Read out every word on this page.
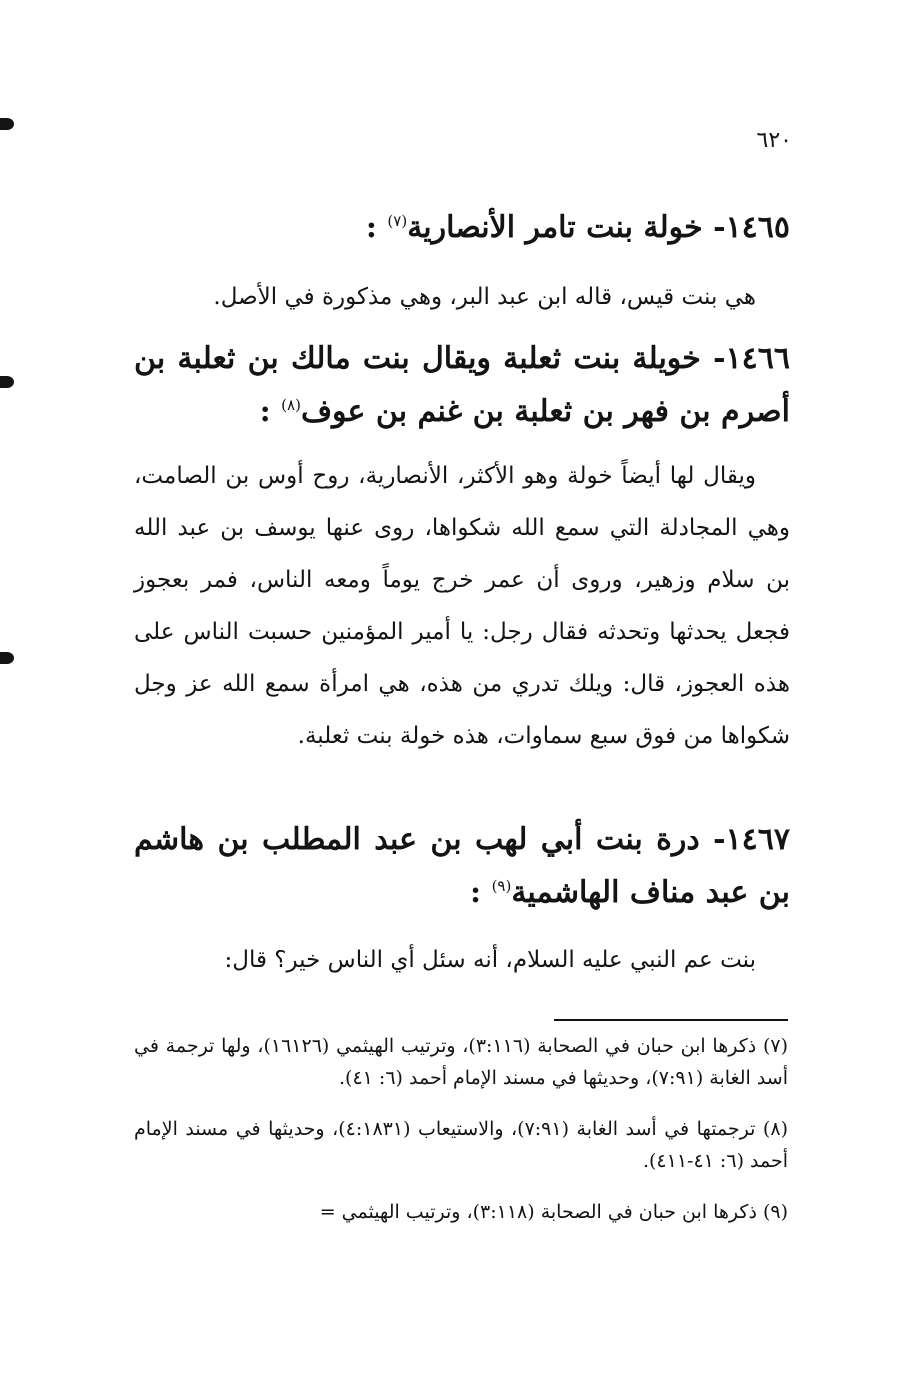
٦٢٠
١٤٦٥- خولة بنت تامر الأنصارية$^{(٧)}$ :

هي بنت قيس، قاله ابن عبد البر، وهي مذكورة في الأصل.

١٤٦٦- خويلة بنت ثعلبة ويقال بنت مالك بن ثعلبة بن أصرم بن فهر بن ثعلبة بن غنم بن عوف$^{(٨)}$ :

ويقال لها أيضاً خولة وهو الأكثر، الأنصارية، روح أوس بن الصامت، وهي المجادلة التي سمع الله شكواها، روى عنها يوسف بن عبد الله بن سلام وزهير، وروى أن عمر خرج يوماً ومعه الناس، فمر بعجوز فجعل يحدثها وتحدثه فقال رجل: يا أمير المؤمنين حسبت الناس على هذه العجوز، قال: ويلك تدري من هذه، هي امرأة سمع الله عز وجل شكواها من فوق سبع سماوات، هذه خولة بنت ثعلبة.

١٤٦٧- درة بنت أبي لهب بن عبد المطلب بن هاشم بن عبد مناف الهاشمية$^{(٩)}$ :

بنت عم النبي عليه السلام، أنه سئل أي الناس خير؟ قال:

(٧) ذكرها ابن حبان في الصحابة (٣:١١٦)، وترتيب الهيثمي (١٦١٢٦)، ولها ترجمة في أسد الغابة (٧:٩١)، وحديثها في مسند الإمام أحمد (٦: ٤١).

(٨) ترجمتها في أسد الغابة (٧:٩١)، والاستيعاب (٤:١٨٣١)، وحديثها في مسند الإمام أحمد (٦: ٤١-٤١١).

(٩) ذكرها ابن حبان في الصحابة (٣:١١٨)، وترتيب الهيثمي =
